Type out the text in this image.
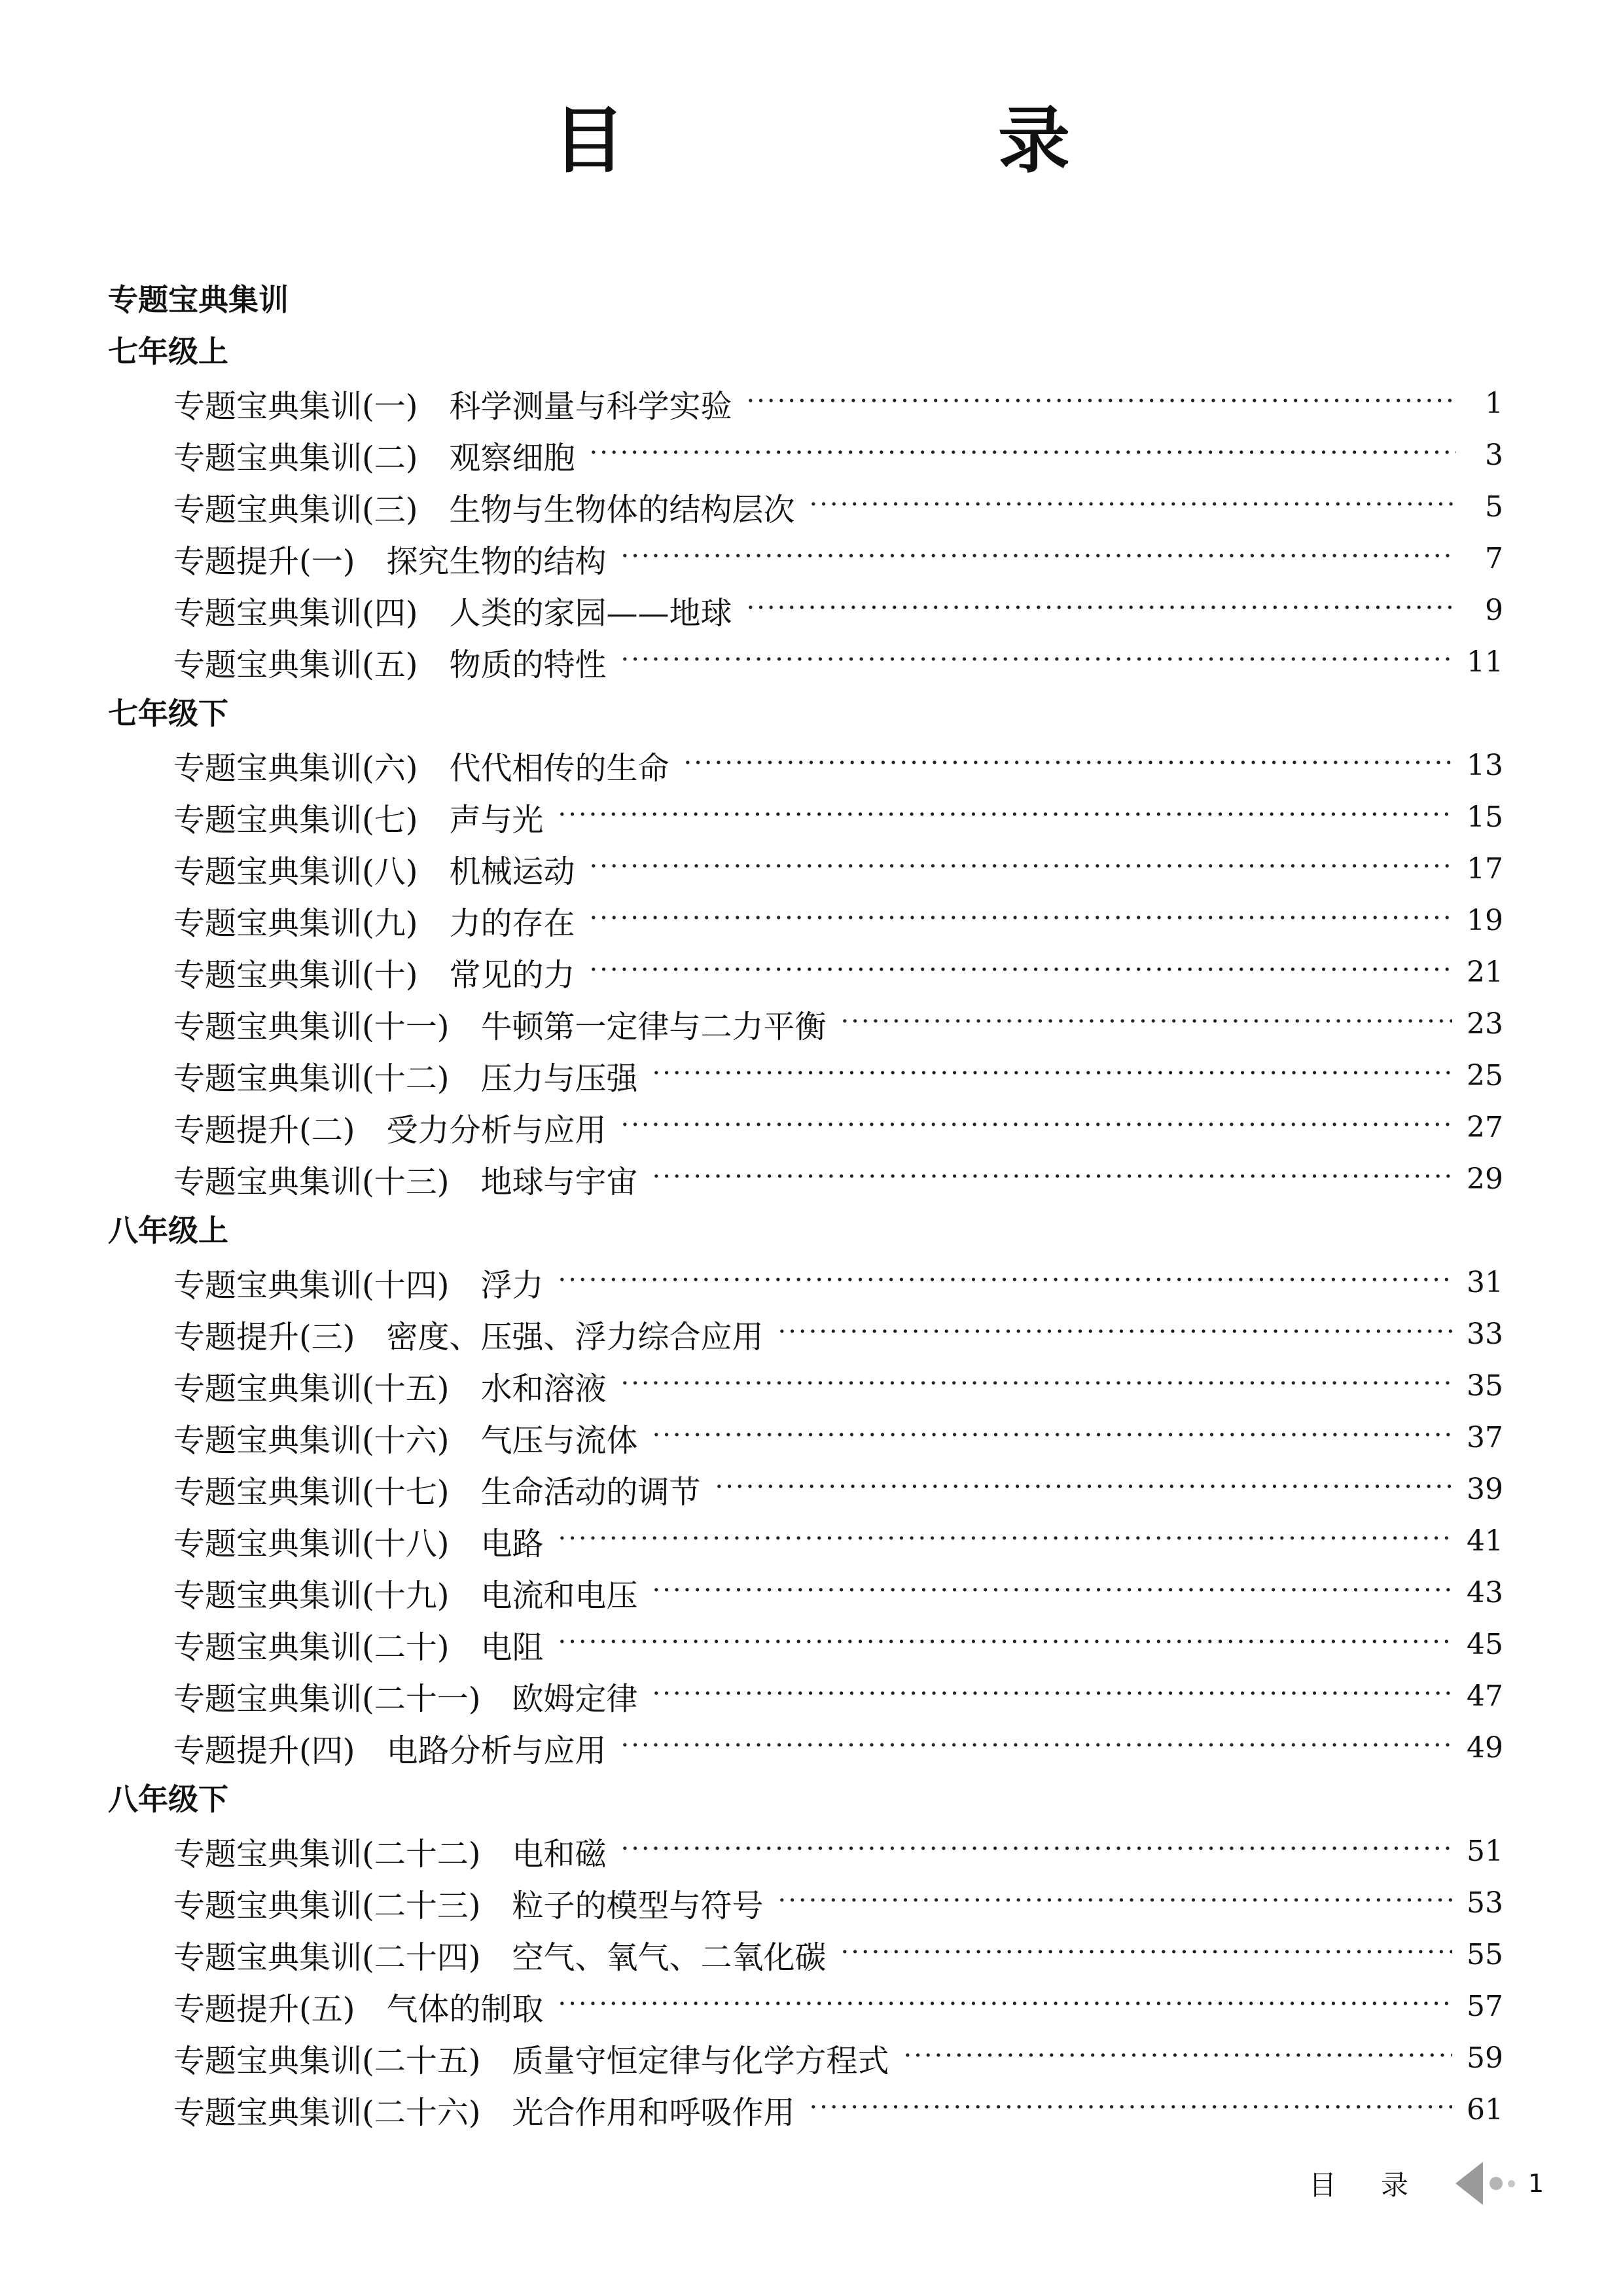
目　录
专题宝典集训
七年级上
专题宝典集训(一) 科学测量与科学实验 ·····	1
专题宝典集训(二) 观察细胞 ·····	3
专题宝典集训(三) 生物与生物体的结构层次 ·····	5
专题提升(一) 探究生物的结构 ·····	7
专题宝典集训(四) 人类的家园——地球 ·····	9
专题宝典集训(五) 物质的特性 ·····	11
七年级下
专题宝典集训(六) 代代相传的生命 ·····	13
专题宝典集训(七) 声与光 ·····	15
专题宝典集训(八) 机械运动 ·····	17
专题宝典集训(九) 力的存在 ·····	19
专题宝典集训(十) 常见的力 ·····	21
专题宝典集训(十一) 牛顿第一定律与二力平衡 ·····	23
专题宝典集训(十二) 压力与压强 ·····	25
专题提升(二) 受力分析与应用 ·····	27
专题宝典集训(十三) 地球与宇宙 ·····	29
八年级上
专题宝典集训(十四) 浮力 ·····	31
专题提升(三) 密度、压强、浮力综合应用 ·····	33
专题宝典集训(十五) 水和溶液 ·····	35
专题宝典集训(十六) 气压与流体 ·····	37
专题宝典集训(十七) 生命活动的调节 ·····	39
专题宝典集训(十八) 电路 ·····	41
专题宝典集训(十九) 电流和电压 ·····	43
专题宝典集训(二十) 电阻 ·····	45
专题宝典集训(二十一) 欧姆定律 ·····	47
专题提升(四) 电路分析与应用 ·····	49
八年级下
专题宝典集训(二十二) 电和磁 ·····	51
专题宝典集训(二十三) 粒子的模型与符号 ·····	53
专题宝典集训(二十四) 空气、氧气、二氧化碳 ·····	55
专题提升(五) 气体的制取 ·····	57
专题宝典集训(二十五) 质量守恒定律与化学方程式 ·····	59
专题宝典集训(二十六) 光合作用和呼吸作用 ·····	61
目录	1
